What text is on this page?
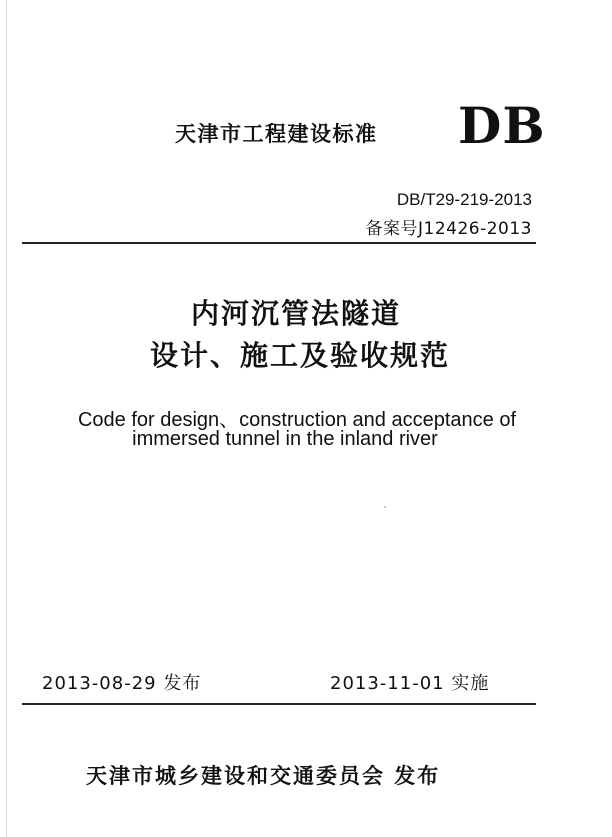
天津市工程建设标准 DB
DB/T29-219-2013
备案号J12426-2013
内河沉管法隧道
设计、施工及验收规范
Code for design、construction and acceptance of
immersed tunnel in the inland river
2013-08-29 发布	2013-11-01 实施
天津市城乡建设和交通委员会 发布
